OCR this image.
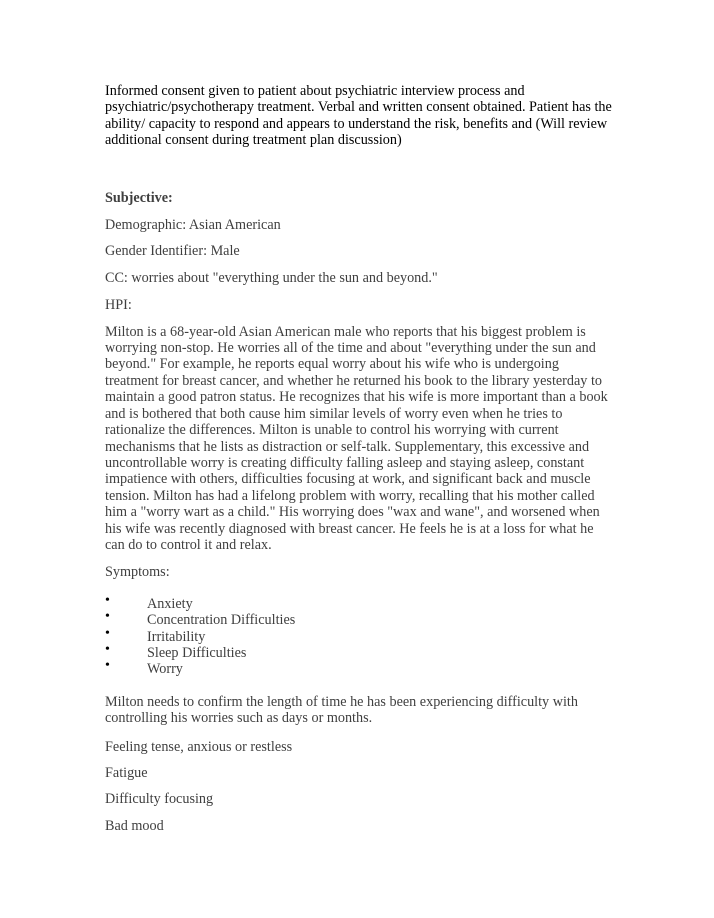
Informed consent given to patient about psychiatric interview process and psychiatric/psychotherapy treatment. Verbal and written consent obtained. Patient has the ability/ capacity to respond and appears to understand the risk, benefits and (Will review additional consent during treatment plan discussion)

Subjective:

Demographic: Asian American

Gender Identifier: Male

CC: worries about "everything under the sun and beyond."

HPI:

Milton is a 68-year-old Asian American male who reports that his biggest problem is worrying non-stop. He worries all of the time and about "everything under the sun and beyond." For example, he reports equal worry about his wife who is undergoing treatment for breast cancer, and whether he returned his book to the library yesterday to maintain a good patron status. He recognizes that his wife is more important than a book and is bothered that both cause him similar levels of worry even when he tries to rationalize the differences. Milton is unable to control his worrying with current mechanisms that he lists as distraction or self-talk. Supplementary, this excessive and uncontrollable worry is creating difficulty falling asleep and staying asleep, constant impatience with others, difficulties focusing at work, and significant back and muscle tension. Milton has had a lifelong problem with worry, recalling that his mother called him a "worry wart as a child." His worrying does "wax and wane", and worsened when his wife was recently diagnosed with breast cancer. He feels he is at a loss for what he can do to control it and relax.

Symptoms:

•	Anxiety
•	Concentration Difficulties
•	Irritability
•	Sleep Difficulties
•	Worry

Milton needs to confirm the length of time he has been experiencing difficulty with controlling his worries such as days or months.

Feeling tense, anxious or restless

Fatigue

Difficulty focusing

Bad mood
